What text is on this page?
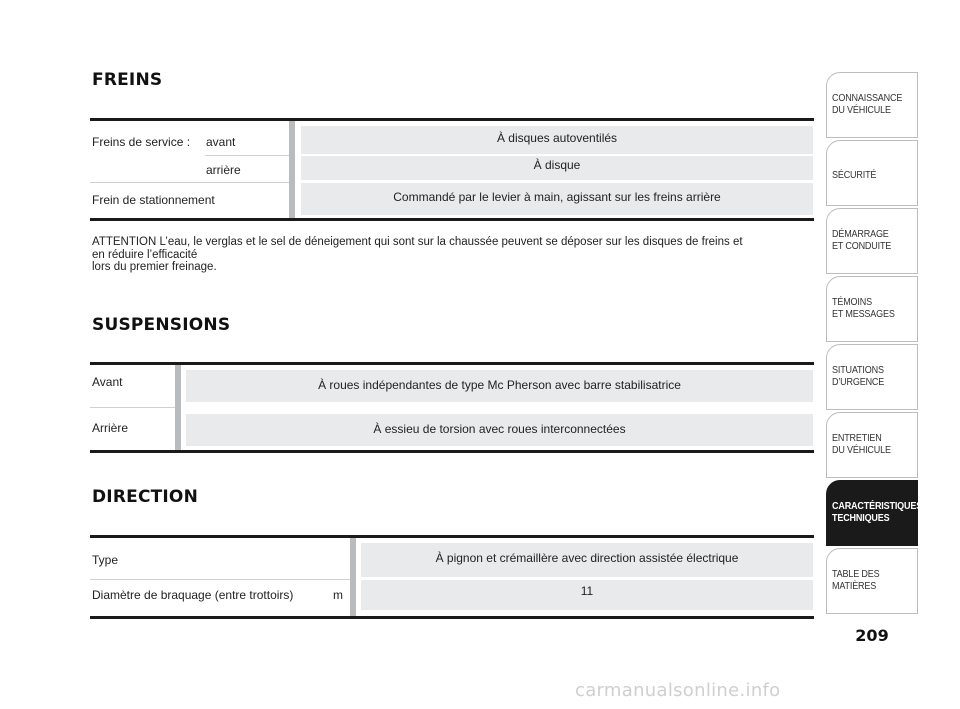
FREINS
Freins de service : avant
arrière
Frein de stationnement
À disques autoventilés
À disque
Commandé par le levier à main, agissant sur les freins arrière
ATTENTION L’eau, le verglas et le sel de déneigement qui sont sur la chaussée peuvent se déposer sur les disques de freins et
en réduire l’efficacité
lors du premier freinage.
SUSPENSIONS
Avant
Arrière
À roues indépendantes de type Mc Pherson avec barre stabilisatrice
À essieu de torsion avec roues interconnectées
DIRECTION
Type
Diamètre de braquage (entre trottoirs)	m
À pignon et crémaillère avec direction assistée électrique
11
CONNAISSANCE
DU VÉHICULE
SÉCURITÉ
DÉMARRAGE
ET CONDUITE
TÉMOINS
ET MESSAGES
SITUATIONS
D’URGENCE
ENTRETIEN
DU VÉHICULE
CARACTÉRISTIQUES
TECHNIQUES
TABLE DES
MATIÈRES
209
carmanualsonline.info
